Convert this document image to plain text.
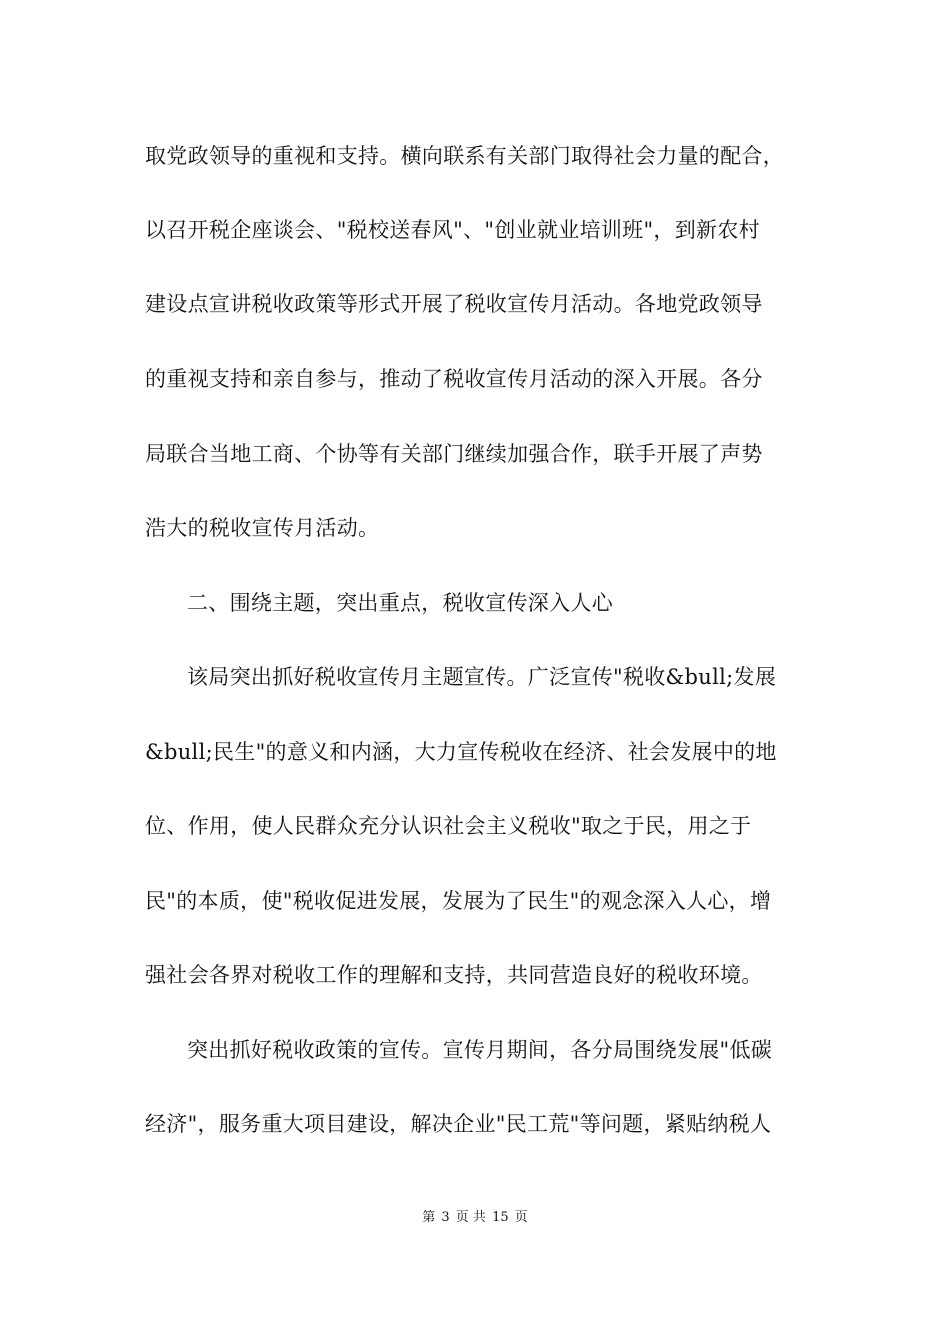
取党政领导的重视和支持。横向联系有关部门取得社会力量的配合，
以召开税企座谈会、"税校送春风"、"创业就业培训班"，到新农村
建设点宣讲税收政策等形式开展了税收宣传月活动。各地党政领导
的重视支持和亲自参与，推动了税收宣传月活动的深入开展。各分
局联合当地工商、个协等有关部门继续加强合作，联手开展了声势
浩大的税收宣传月活动。
二、围绕主题，突出重点，税收宣传深入人心
该局突出抓好税收宣传月主题宣传。广泛宣传"税收&bull;发展
&bull;民生"的意义和内涵，大力宣传税收在经济、社会发展中的地
位、作用，使人民群众充分认识社会主义税收"取之于民，用之于
民"的本质，使"税收促进发展，发展为了民生"的观念深入人心，增
强社会各界对税收工作的理解和支持，共同营造良好的税收环境。
突出抓好税收政策的宣传。宣传月期间，各分局围绕发展"低碳
经济"，服务重大项目建设，解决企业"民工荒"等问题，紧贴纳税人
第 3 页 共 15 页
